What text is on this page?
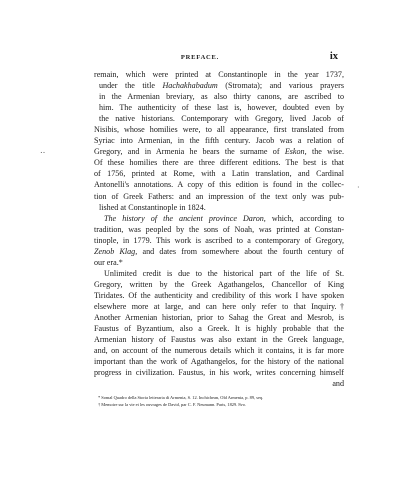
PREFACE.	ix
remain, which were printed at Constantinople in the year 1737,
under the title Hachakhabadum (Stromata); and various prayers
in the Armenian breviary, as also thirty canons, are ascribed to
him. The authenticity of these last is, however, doubted even by
the native historians. Contemporary with Gregory, lived Jacob of
Nisibis, whose homilies were, to all appearance, first translated from
Syriac into Armenian, in the fifth century. Jacob was a relation of
Gregory, and in Armenia he bears the surname of Eskon, the wise.
Of these homilies there are three different editions. The best is that
of 1756, printed at Rome, with a Latin translation, and Cardinal
Antonelli's annotations. A copy of this edition is found in the collec-
tion of Greek Fathers: and an impression of the text only was pub-
lished at Constantinople in 1824.
The history of the ancient province Daron, which, according to
tradition, was peopled by the sons of Noah, was printed at Constan-
tinople, in 1779. This work is ascribed to a contemporary of Gregory,
Zenob Klag, and dates from somewhere about the fourth century of
our era.*
Unlimited credit is due to the historical part of the life of St.
Gregory, written by the Greek Agathangelos, Chancellor of King
Tiridates. Of the authenticity and credibility of this work I have spoken
elsewhere more at large, and can here only refer to that Inquiry.†
Another Armenian historian, prior to Sahag the Great and Mesrob, is
Faustus of Byzantium, also a Greek. It is highly probable that the
Armenian history of Faustus was also extant in the Greek language,
and, on account of the numerous details which it contains, it is far more
important than the work of Agathangelos, for the history of the national
progress in civilization. Faustus, in his work, writes concerning himself
and
* Somal Quadro della Storia letteraria di Armenia, S. 12. Inchichean, Old Armenia, p. 89, seq.
† Memoire sur la vie et les ouvrages de David, par C. F. Neumann. Paris, 1829. 8vo.
‥
·
